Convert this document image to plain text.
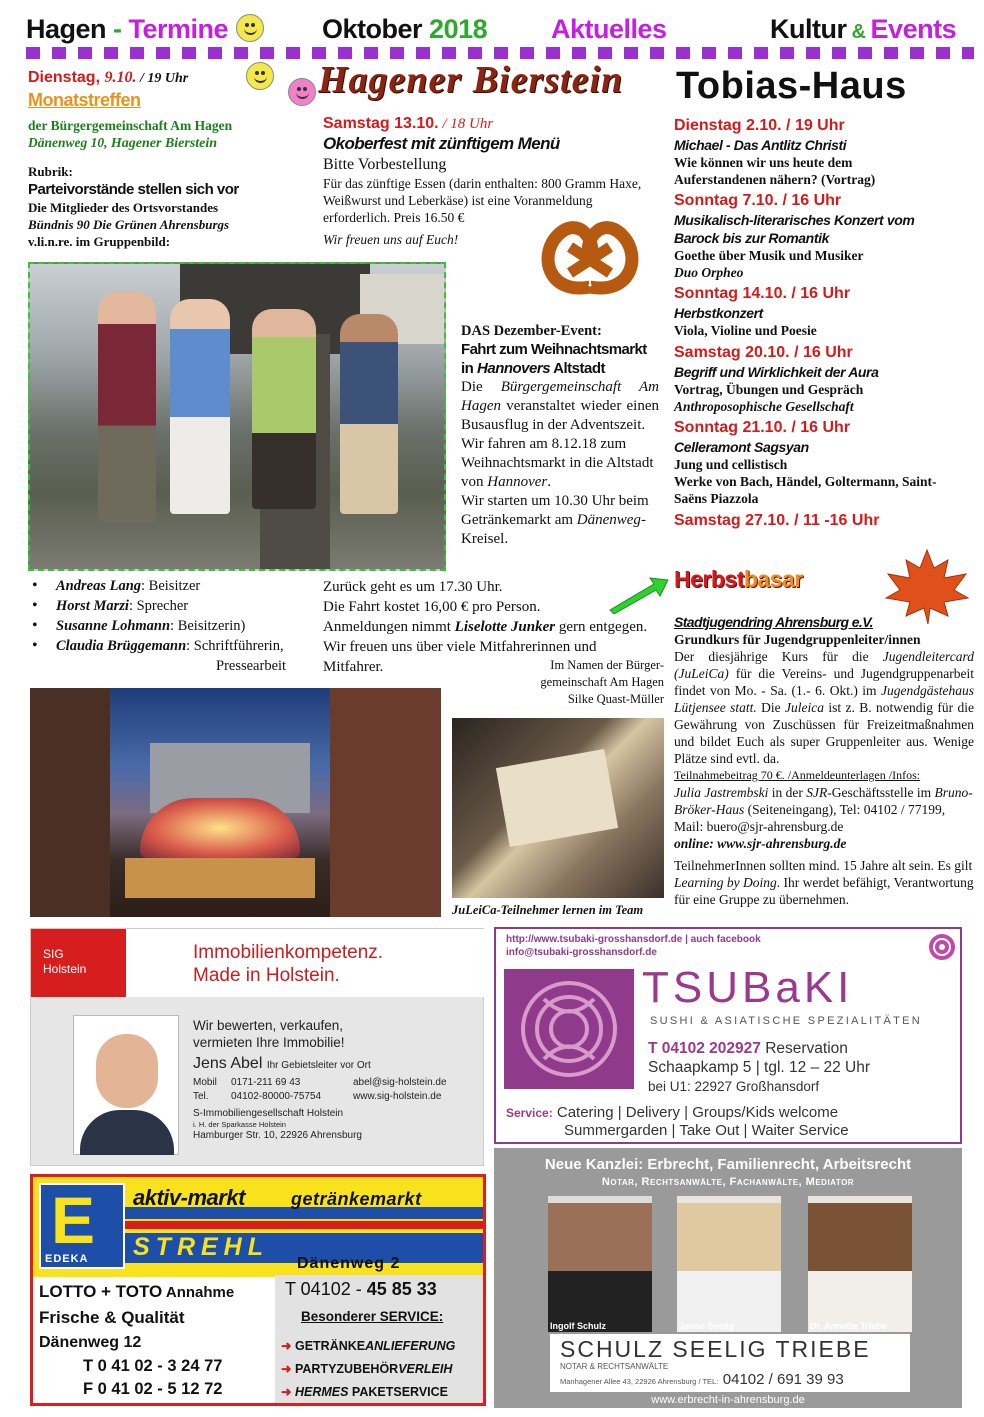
Hagen - Termine	Oktober 2018 Aktuelles	Kultur & Events
Dienstag, 9.10. / 19 Uhr
Monatstreffen
der Bürgergemeinschaft Am Hagen
Dänenweg 10, Hagener Bierstein
Rubrik:
Parteivorstände stellen sich vor
Die Mitglieder des Ortsvorstandes
Bündnis 90 Die Grünen Ahrensburgs
v.li.n.re. im Gruppenbild:
• Andreas Lang: Beisitzer
• Horst Marzi: Sprecher
• Susanne Lohmann: Beisitzerin)
• Claudia Brüggemann: Schriftführerin,
Pressearbeit
Hagener Bierstein
Samstag 13.10. / 18 Uhr
Okoberfest mit zünftigem Menü
Bitte Vorbestellung
Für das zünftige Essen (darin enthalten: 800 Gramm Haxe, Weißwurst und Leberkäse) ist eine Voranmeldung erforderlich. Preis 16.50 €
Wir freuen uns auf Euch!
DAS Dezember-Event:
Fahrt zum Weihnachtsmarkt
in Hannovers Altstadt
Die Bürgergemeinschaft Am Hagen veranstaltet wieder einen Busausflug in der Adventszeit.
Wir fahren am 8.12.18 zum Weihnachtsmarkt in die Altstadt von Hannover.
Wir starten um 10.30 Uhr beim Getränkemarkt am Dänenweg-Kreisel.
Zurück geht es um 17.30 Uhr.
Die Fahrt kostet 16,00 € pro Person.
Anmeldungen nimmt Liselotte Junker gern entgegen. Wir freuen uns über viele Mitfahrerinnen und Mitfahrer.	Im Namen der Bürger-
gemeinschaft Am Hagen
Silke Quast-Müller
JuLeiCa-Teilnehmer lernen im Team
Tobias-Haus
Dienstag 2.10. / 19 Uhr
Michael - Das Antlitz Christi
Wie können wir uns heute dem
Auferstandenen nähern? (Vortrag)
Sonntag 7.10. / 16 Uhr
Musikalisch-literarisches Konzert vom
Barock bis zur Romantik
Goethe über Musik und Musiker
Duo Orpheo
Sonntag 14.10. / 16 Uhr
Herbstkonzert
Viola, Violine und Poesie
Samstag 20.10. / 16 Uhr
Begriff und Wirklichkeit der Aura
Vortrag, Übungen und Gespräch
Anthroposophische Gesellschaft
Sonntag 21.10. / 16 Uhr
Celleramont Sagsyan
Jung und cellistisch
Werke von Bach, Händel, Goltermann, Saint-
Saëns Piazzola
Samstag 27.10. / 11 -16 Uhr
Herbstbasar
Stadtjugendring Ahrensburg e.V.
Grundkurs für Jugendgruppenleiter/innen
Der diesjährige Kurs für die Jugendleitercard (JuLeiCa) für die Vereins- und Jugendgruppenarbeit findet von Mo. - Sa. (1.- 6. Okt.) im Jugendgästehaus Lütjensee statt. Die Juleica ist z. B. notwendig für die Gewährung von Zuschüssen für Freizeitmaßnahmen und bildet Euch als super Gruppenleiter aus. Wenige Plätze sind evtl. da.
Teilnahmebeitrag 70 €. /Anmeldeunterlagen /Infos:
Julia Jastrembski in der SJR-Geschäftsstelle im Bruno-Bröker-Haus (Seiteneingang), Tel: 04102 / 77199, Mail: buero@sjr-ahrensburg.de
online: www.sjr-ahrensburg.de
TeilnehmerInnen sollten mind. 15 Jahre alt sein. Es gilt Learning by Doing. Ihr werdet befähigt, Verantwortung für eine Gruppe zu übernehmen.
SIG
Holstein
Immobilienkompetenz.
Made in Holstein.
Wir bewerten, verkaufen,
vermieten Ihre Immobilie!
Jens Abel Ihr Gebietsleiter vor Ort
Mobil 0171-211 69 43	abel@sig-holstein.de
Tel. 04102-80000-75754	www.sig-holstein.de
S-Immobiliengesellschaft Holstein
i. H. der Sparkasse Holstein
Hamburger Str. 10, 22926 Ahrensburg
http://www.tsubaki-grosshansdorf.de | auch facebook
info@tsubaki-grosshansdorf.de
TSUBaKI
SUSHI & ASIATISCHE SPEZIALITÄTEN
T 04102 202927 Reservation
Schaapkamp 5 | tgl. 12 – 22 Uhr
bei U1: 22927 Großhansdorf
Service: Catering | Delivery | Groups/Kids welcome
Summergarden | Take Out | Waiter Service
E
EDEKA
aktiv-markt	getränkemarkt
STREHL
Dänenweg 2
LOTTO + TOTO Annahme
Frische & Qualität
Dänenweg 12
T 0 41 02 - 3 24 77
F 0 41 02 - 5 12 72
T 04102 - 45 85 33
Besonderer SERVICE:
➜ GETRÄNKEANLIEFERUNG
➜ PARTYZUBEHÖRVERLEIH
➜ HERMES PAKETSERVICE
Neue Kanzlei: Erbrecht, Familienrecht, Arbeitsrecht
Notar, Rechtsanwälte, Fachanwälte, Mediator
Ingolf Schulz	Janne Seelig	Dr. Annette Triebe
SCHULZ SEELIG TRIEBE
NOTAR & RECHTSANWÄLTE
Manhagener Allee 43, 22926 Ahrensburg / TEL: 04102 / 691 39 93
www.erbrecht-in-ahrensburg.de
